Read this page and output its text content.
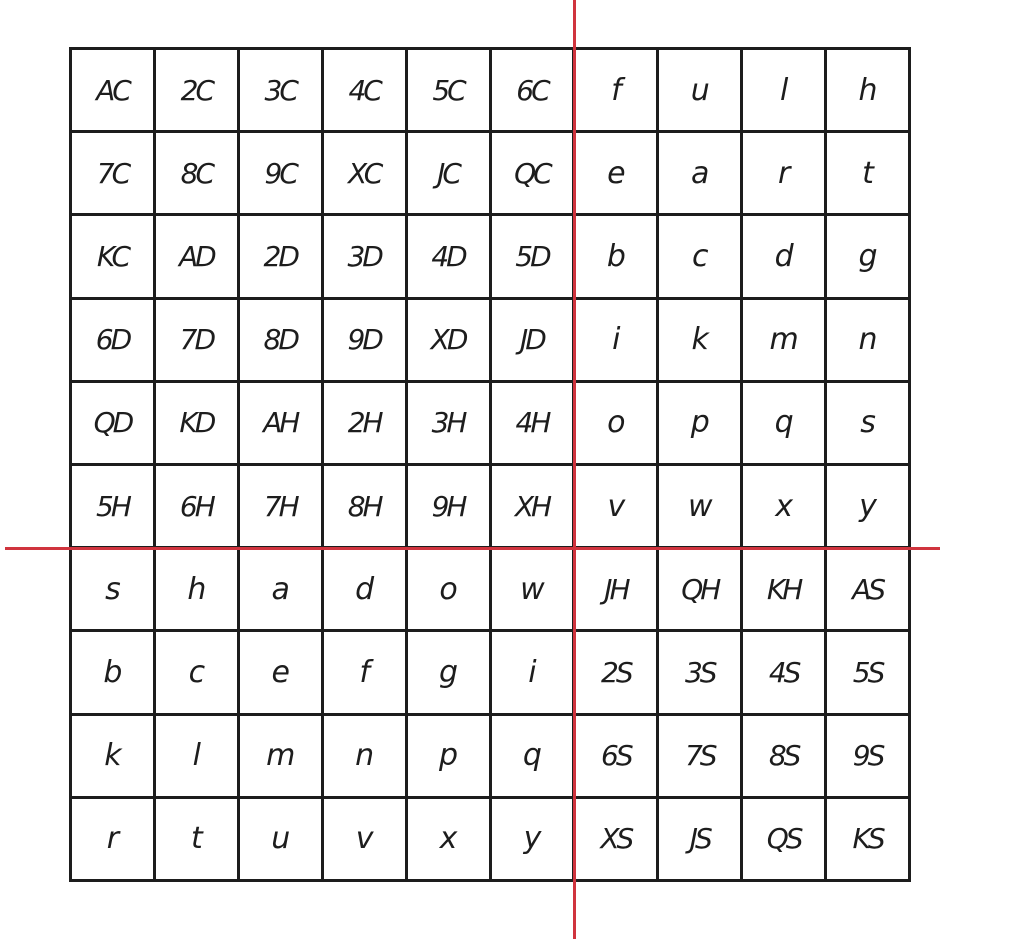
AC	2C	3C	4C	5C	6C	f	u	l	h
7C	8C	9C	XC	JC	QC	e	a	r	t
KC	AD	2D	3D	4D	5D	b	c	d	g
6D	7D	8D	9D	XD	JD	i	k	m	n
QD	KD	AH	2H	3H	4H	o	p	q	s
5H	6H	7H	8H	9H	XH	v	w	x	y
s	h	a	d	o	w	JH	QH	KH	AS
b	c	e	f	g	i	2S	3S	4S	5S
k	l	m	n	p	q	6S	7S	8S	9S
r	t	u	v	x	y	XS	JS	QS	KS
